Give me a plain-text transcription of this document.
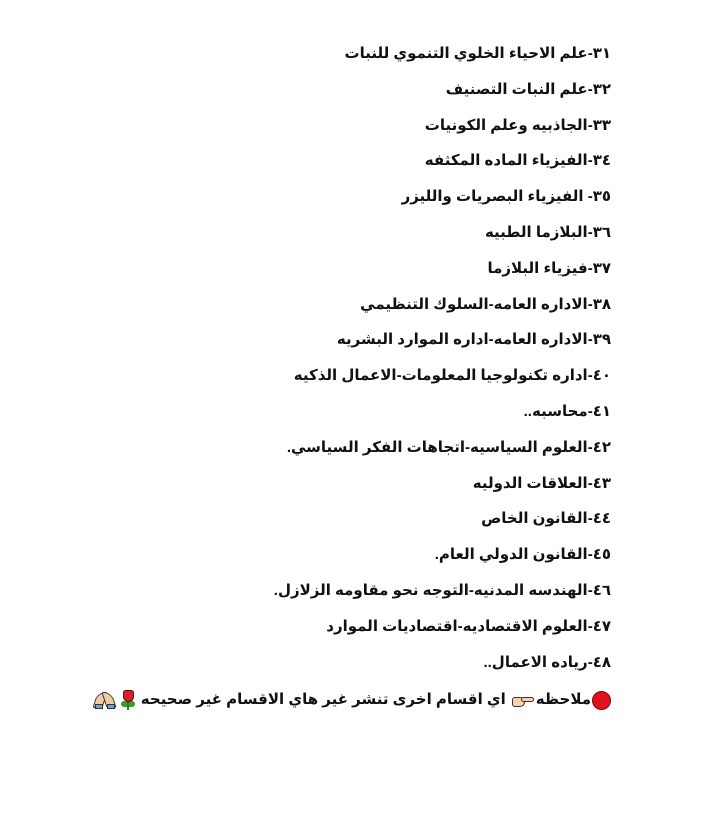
٣١-علم الاحياء الخلوي التنموي للنبات
٣٢-علم النبات التصنيف
٣٣-الجاذبيه وعلم الكونيات
٣٤-الفيزياء الماده المكثفه
٣٥- الفيزياء البصريات والليزر
٣٦-البلازما الطبيه
٣٧-فيزياء البلازما
٣٨-الاداره العامه-السلوك التنظيمي
٣٩-الاداره العامه-اداره الموارد البشريه
٤٠-اداره تكنولوجيا المعلومات-الاعمال الذكيه
٤١-محاسبه..
٤٢-العلوم السياسيه-اتجاهات الفكر السياسي.
٤٣-العلاقات الدوليه
٤٤-القانون الخاص
٤٥-القانون الدولي العام.
٤٦-الهندسه المدنيه-التوجه نحو مقاومه الزلازل.
٤٧-العلوم الاقتصاديه-اقتصاديات الموارد
٤٨-رياده الاعمال..
ملاحظه
اي اقسام اخرى تنشر غير هاي الاقسام غير صحيحه
